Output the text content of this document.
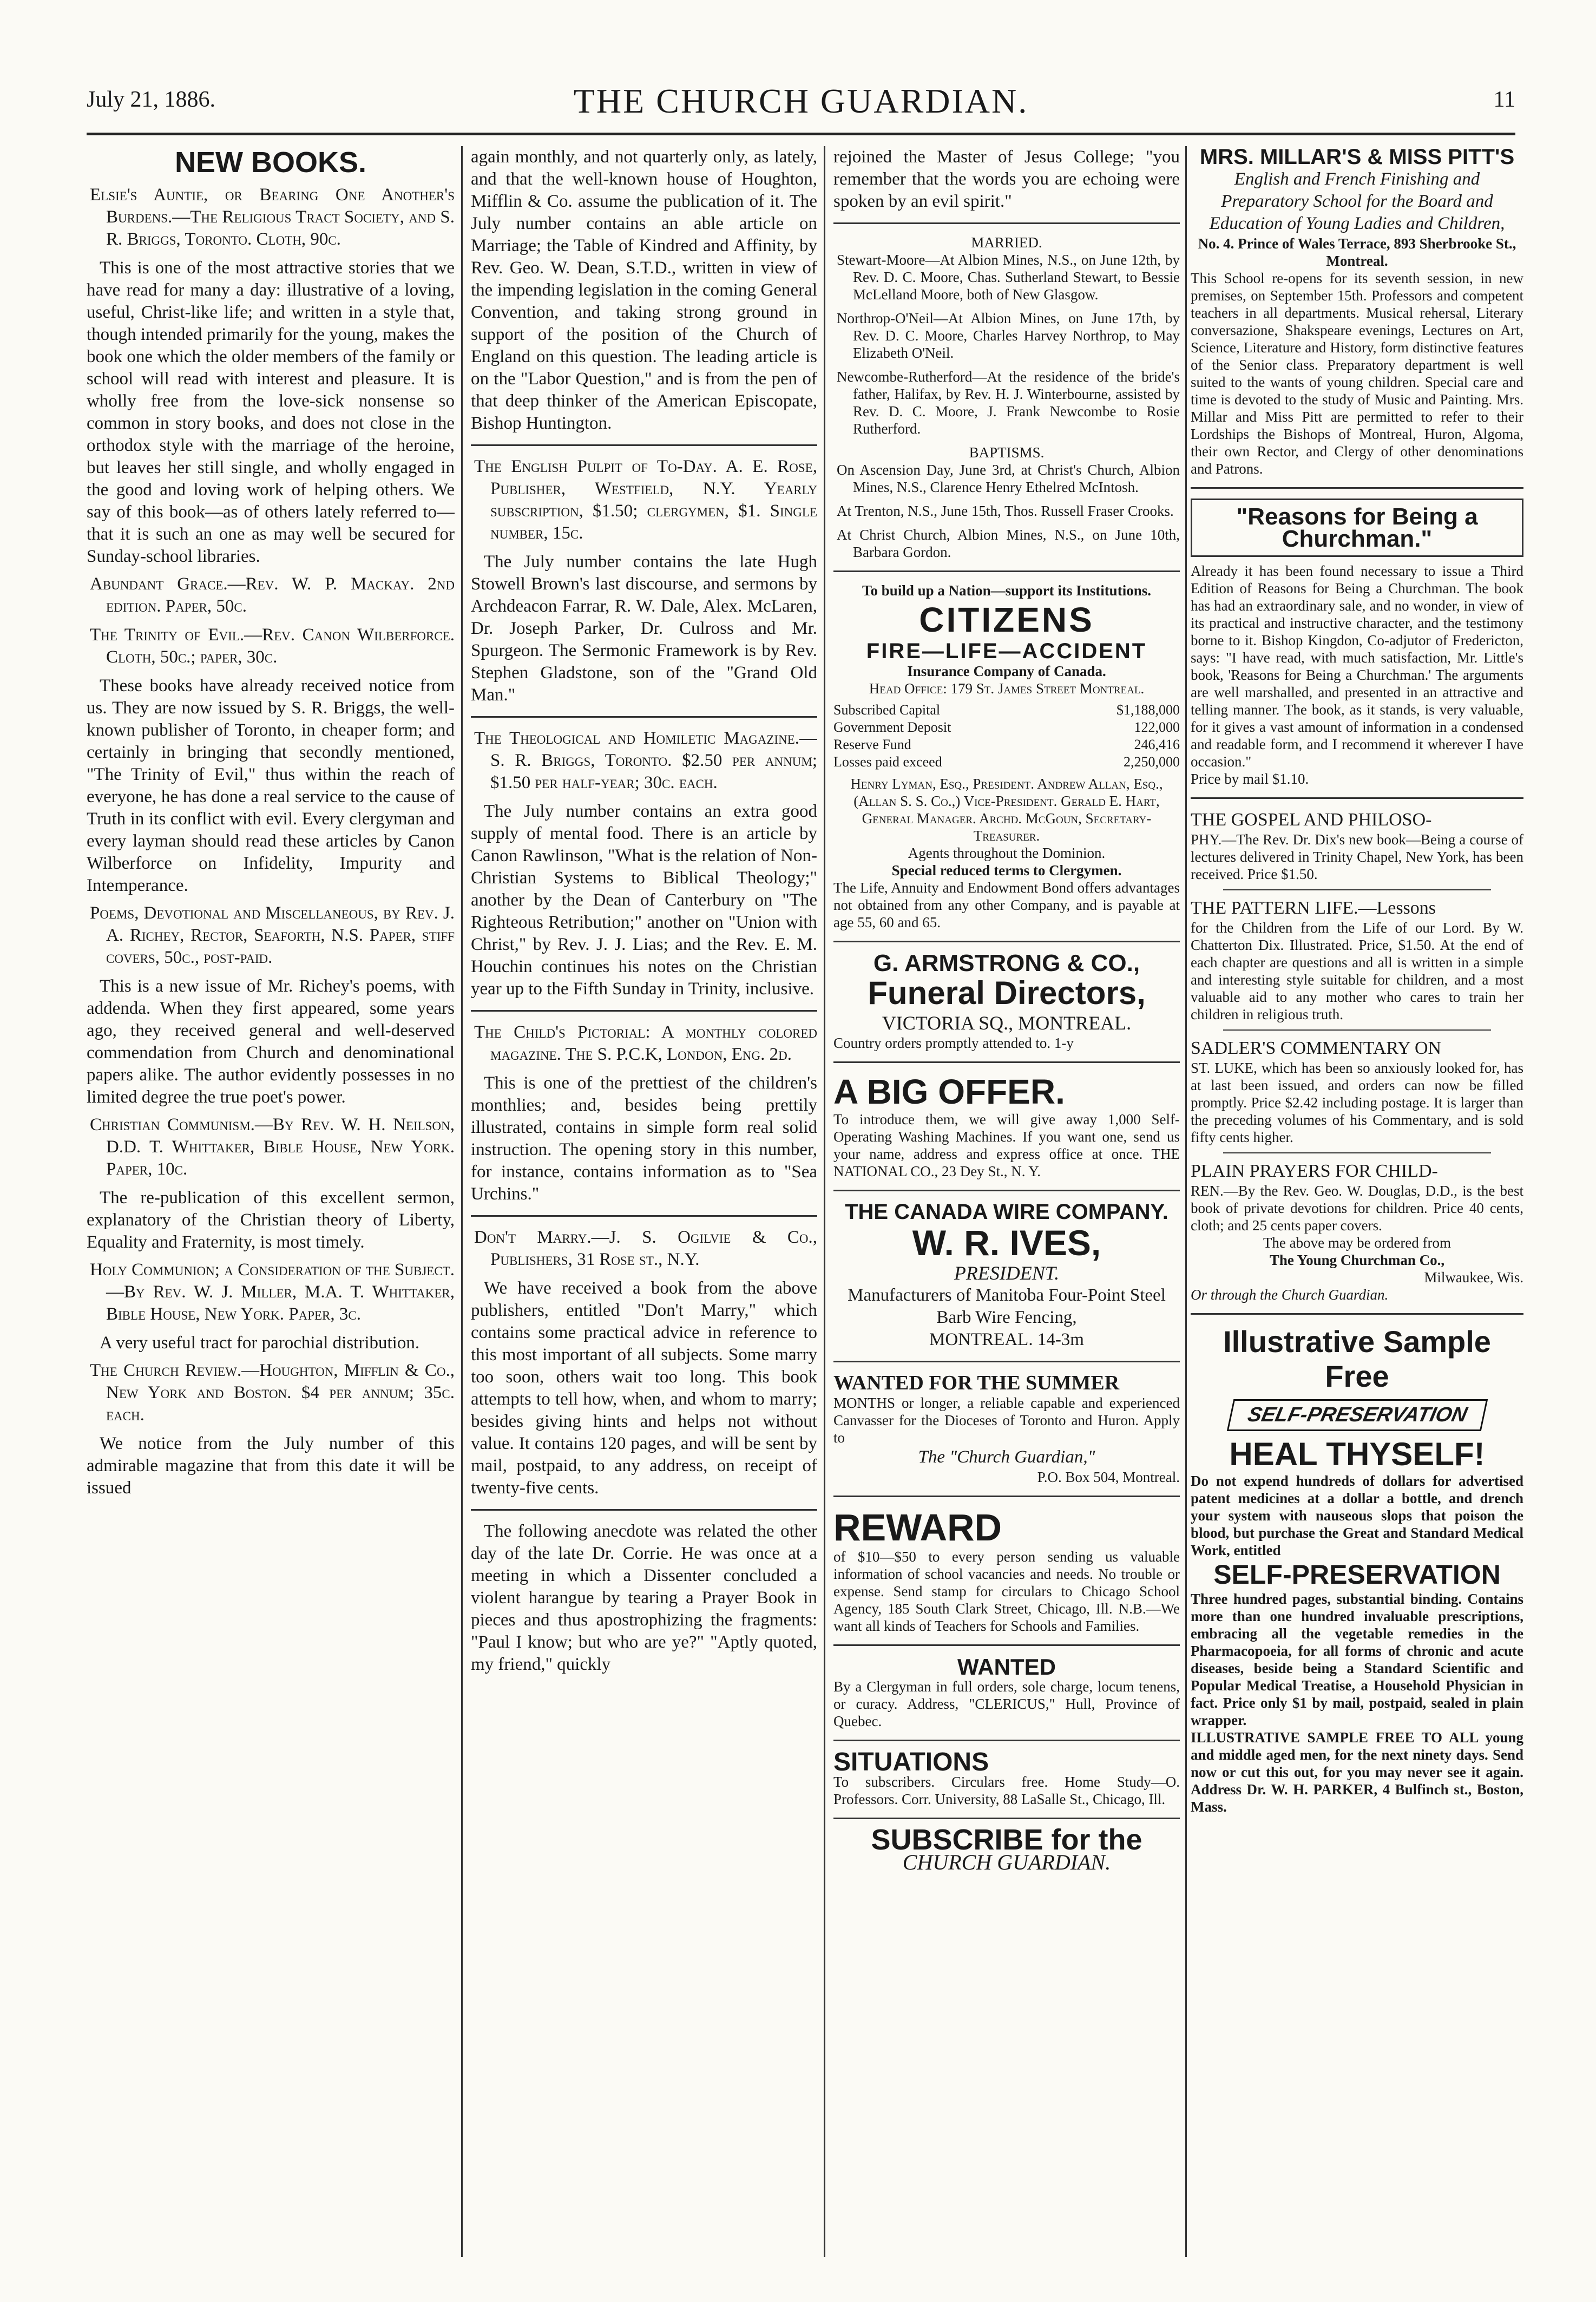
July 21, 1886.	THE CHURCH GUARDIAN.	11
NEW BOOKS.
Elsie's Auntie, or Bearing One Another's Burdens.—The Religious Tract Society, and S. R. Briggs, Toronto. Cloth, 90c.

This is one of the most attractive stories that we have read for many a day: illustrative of a loving, useful, Christ-like life; and written in a style that, though intended primarily for the young, makes the book one which the older members of the family or school will read with interest and pleasure. It is wholly free from the love-sick nonsense so common in story books, and does not close in the orthodox style with the marriage of the heroine, but leaves her still single, and wholly engaged in the good and loving work of helping others. We say of this book—as of others lately referred to—that it is such an one as may well be secured for Sunday-school libraries.

Abundant Grace.—Rev. W. P. Mackay. 2nd edition. Paper, 50c.
The Trinity of Evil.—Rev. Canon Wilberforce. Cloth, 50c.; paper, 30c.

These books have already received notice from us. They are now issued by S. R. Briggs, the well-known publisher of Toronto, in cheaper form; and certainly in bringing that secondly mentioned, "The Trinity of Evil," thus within the reach of everyone, he has done a real service to the cause of Truth in its conflict with evil. Every clergyman and every layman should read these articles by Canon Wilberforce on Infidelity, Impurity and Intemperance.

Poems, Devotional and Miscellaneous, by Rev. J. A. Richey, Rector, Seaforth, N.S. Paper, stiff covers, 50c., post-paid.

This is a new issue of Mr. Richey's poems, with addenda. When they first appeared, some years ago, they received general and well-deserved commendation from Church and denominational papers alike. The author evidently possesses in no limited degree the true poet's power.

Christian Communism.—By Rev. W. H. Neilson, D.D. T. Whittaker, Bible House, New York. Paper, 10c.

The re-publication of this excellent sermon, explanatory of the Christian theory of Liberty, Equality and Fraternity, is most timely.

Holy Communion; a Consideration of the Subject.—By Rev. W. J. Miller, M.A. T. Whittaker, Bible House, New York. Paper, 3c.

A very useful tract for parochial distribution.

The Church Review.—Houghton, Mifflin & Co., New York and Boston. $4 per annum; 35c. each.

We notice from the July number of this admirable magazine that from this date it will be issued

again monthly, and not quarterly only, as lately, and that the well-known house of Houghton, Mifflin & Co. assume the publication of it. The July number contains an able article on Marriage; the Table of Kindred and Affinity, by Rev. Geo. W. Dean, S.T.D., written in view of the impending legislation in the coming General Convention, and taking strong ground in support of the position of the Church of England on this question. The leading article is on the "Labor Question," and is from the pen of that deep thinker of the American Episcopate, Bishop Huntington.

The English Pulpit of To-Day. A. E. Rose, Publisher, Westfield, N.Y. Yearly subscription, $1.50; clergymen, $1. Single number, 15c.

The July number contains the late Hugh Stowell Brown's last discourse, and sermons by Archdeacon Farrar, R. W. Dale, Alex. McLaren, Dr. Joseph Parker, Dr. Culross and Mr. Spurgeon. The Sermonic Framework is by Rev. Stephen Gladstone, son of the "Grand Old Man."

The Theological and Homiletic Magazine.—S. R. Briggs, Toronto. $2.50 per annum; $1.50 per half-year; 30c. each.

The July number contains an extra good supply of mental food. There is an article by Canon Rawlinson, "What is the relation of Non-Christian Systems to Biblical Theology;" another by the Dean of Canterbury on "The Righteous Retribution;" another on "Union with Christ," by Rev. J. J. Lias; and the Rev. E. M. Houchin continues his notes on the Christian year up to the Fifth Sunday in Trinity, inclusive.

The Child's Pictorial: A monthly colored magazine. The S. P.C.K, London, Eng. 2d.

This is one of the prettiest of the children's monthlies; and, besides being prettily illustrated, contains in simple form real solid instruction. The opening story in this number, for instance, contains information as to "Sea Urchins."

Don't Marry.—J. S. Ogilvie & Co., Publishers, 31 Rose st., N.Y.

We have received a book from the above publishers, entitled "Don't Marry," which contains some practical advice in reference to this most important of all subjects. Some marry too soon, others wait too long. This book attempts to tell how, when, and whom to marry; besides giving hints and helps not without value. It contains 120 pages, and will be sent by mail, postpaid, to any address, on receipt of twenty-five cents.

The following anecdote was related the other day of the late Dr. Corrie. He was once at a meeting in which a Dissenter concluded a violent harangue by tearing a Prayer Book in pieces and thus apostrophizing the fragments: "Paul I know; but who are ye?" "Aptly quoted, my friend," quickly

rejoined the Master of Jesus College; "you remember that the words you are echoing were spoken by an evil spirit."

MARRIED.
Stewart-Moore—At Albion Mines, N.S., on June 12th, by Rev. D. C. Moore, Chas. Sutherland Stewart, to Bessie McLelland Moore, both of New Glasgow.
Northrop-O'Neil—At Albion Mines, on June 17th, by Rev. D. C. Moore, Charles Harvey Northrop, to May Elizabeth O'Neil.
Newcombe-Rutherford—At the residence of the bride's father, Halifax, by Rev. H. J. Winterbourne, assisted by Rev. D. C. Moore, J. Frank Newcombe to Rosie Rutherford.
BAPTISMS.
On Ascension Day, June 3rd, at Christ's Church, Albion Mines, N.S., Clarence Henry Ethelred McIntosh.
At Trenton, N.S., June 15th, Thos. Russell Fraser Crooks.
At Christ Church, Albion Mines, N.S., on June 10th, Barbara Gordon.
To build up a Nation—support its Institutions.
CITIZENS
FIRE—LIFE—ACCIDENT
Insurance Company of Canada.
Head Office: 179 St. James Street Montreal.
Subscribed Capital	$1,188,000
Government Deposit	122,000
Reserve Fund	246,416
Losses paid exceed	2,250,000
Henry Lyman, Esq., President. Andrew Allan, Esq., (Allan S. S. Co.,) Vice-President. Gerald E. Hart, General Manager. Archd. McGoun, Secretary-Treasurer.
Agents throughout the Dominion.
Special reduced terms to Clergymen.
The Life, Annuity and Endowment Bond offers advantages not obtained from any other Company, and is payable at age 55, 60 and 65.
G. ARMSTRONG & CO.,
Funeral Directors,
VICTORIA SQ., MONTREAL.
Country orders promptly attended to. 1-y
A BIG OFFER.
To introduce them, we will give away 1,000 Self-Operating Washing Machines. If you want one, send us your name, address and express office at once. THE NATIONAL CO., 23 Dey St., N. Y.
THE CANADA WIRE COMPANY.
W. R. IVES,
PRESIDENT.
Manufacturers of Manitoba Four-Point Steel Barb Wire Fencing,
MONTREAL. 14-3m
WANTED FOR THE SUMMER
MONTHS or longer, a reliable capable and experienced Canvasser for the Dioceses of Toronto and Huron. Apply to
The "Church Guardian,"
P.O. Box 504, Montreal.
REWARD
of $10—$50 to every person sending us valuable information of school vacancies and needs. No trouble or expense. Send stamp for circulars to Chicago School Agency, 185 South Clark Street, Chicago, Ill. N.B.—We want all kinds of Teachers for Schools and Families.
WANTED
By a Clergyman in full orders, sole charge, locum tenens, or curacy. Address, "CLERICUS," Hull, Province of Quebec.
SITUATIONS
To subscribers. Circulars free. Home Study—O. Professors. Corr. University, 88 LaSalle St., Chicago, Ill.
SUBSCRIBE for the
CHURCH GUARDIAN.
MRS. MILLAR'S & MISS PITT'S
English and French Finishing and Preparatory School for the Board and Education of Young Ladies and Children,
No. 4. Prince of Wales Terrace, 893 Sherbrooke St., Montreal.
This School re-opens for its seventh session, in new premises, on September 15th. Professors and competent teachers in all departments. Musical rehersal, Literary conversazione, Shakspeare evenings, Lectures on Art, Science, Literature and History, form distinctive features of the Senior class. Preparatory department is well suited to the wants of young children. Special care and time is devoted to the study of Music and Painting. Mrs. Millar and Miss Pitt are permitted to refer to their Lordships the Bishops of Montreal, Huron, Algoma, their own Rector, and Clergy of other denominations and Patrons.
"Reasons for Being a Churchman."
Already it has been found necessary to issue a Third Edition of Reasons for Being a Churchman. The book has had an extraordinary sale, and no wonder, in view of its practical and instructive character, and the testimony borne to it. Bishop Kingdon, Co-adjutor of Fredericton, says: "I have read, with much satisfaction, Mr. Little's book, 'Reasons for Being a Churchman.' The arguments are well marshalled, and presented in an attractive and telling manner. The book, as it stands, is very valuable, for it gives a vast amount of information in a condensed and readable form, and I recommend it wherever I have occasion."
Price by mail $1.10.
THE GOSPEL AND PHILOSO-
PHY.—The Rev. Dr. Dix's new book—Being a course of lectures delivered in Trinity Chapel, New York, has been received. Price $1.50.
THE PATTERN LIFE.—Lessons
for the Children from the Life of our Lord. By W. Chatterton Dix. Illustrated. Price, $1.50. At the end of each chapter are questions and all is written in a simple and interesting style suitable for children, and a most valuable aid to any mother who cares to train her children in religious truth.
SADLER'S COMMENTARY ON
ST. LUKE, which has been so anxiously looked for, has at last been issued, and orders can now be filled promptly. Price $2.42 including postage. It is larger than the preceding volumes of his Commentary, and is sold fifty cents higher.
PLAIN PRAYERS FOR CHILD-
REN.—By the Rev. Geo. W. Douglas, D.D., is the best book of private devotions for children. Price 40 cents, cloth; and 25 cents paper covers.
The above may be ordered from
The Young Churchman Co.,
Milwaukee, Wis.
Or through the Church Guardian.
Illustrative Sample Free
SELF-PRESERVATION
HEAL THYSELF!
Do not expend hundreds of dollars for advertised patent medicines at a dollar a bottle, and drench your system with nauseous slops that poison the blood, but purchase the Great and Standard Medical Work, entitled
SELF-PRESERVATION
Three hundred pages, substantial binding. Contains more than one hundred invaluable prescriptions, embracing all the vegetable remedies in the Pharmacopoeia, for all forms of chronic and acute diseases, beside being a Standard Scientific and Popular Medical Treatise, a Household Physician in fact. Price only $1 by mail, postpaid, sealed in plain wrapper.
ILLUSTRATIVE SAMPLE FREE TO ALL young and middle aged men, for the next ninety days. Send now or cut this out, for you may never see it again. Address Dr. W. H. PARKER, 4 Bulfinch st., Boston, Mass.
